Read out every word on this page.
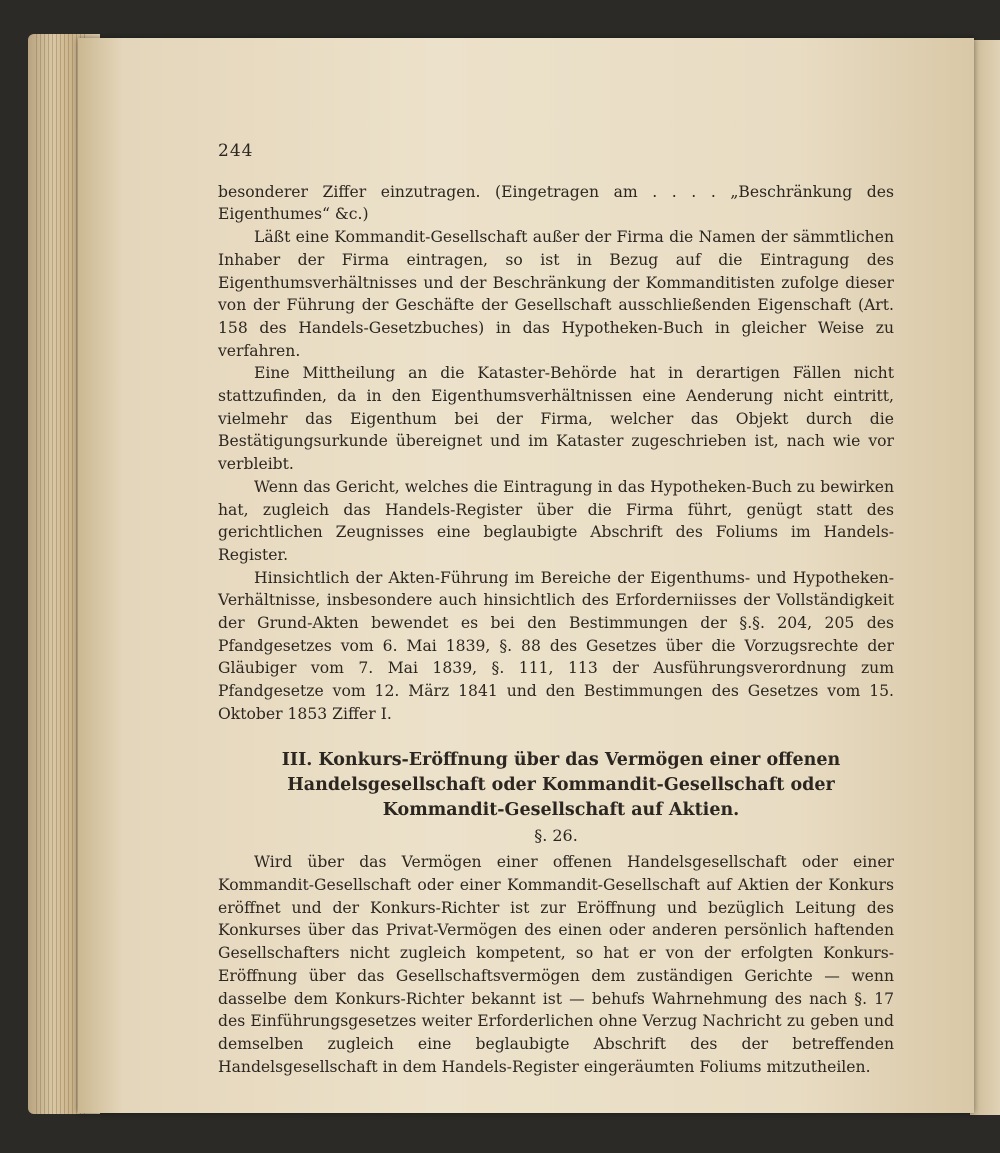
244

besonderer Ziffer einzutragen. (Eingetragen am . . . . „Beschränkung des Eigenthumes“ &c.)

Läßt eine Kommandit-Gesellschaft außer der Firma die Namen der sämmtlichen Inhaber der Firma eintragen, so ist in Bezug auf die Eintragung des Eigenthumsverhältnisses und der Beschränkung der Kommanditisten zufolge dieser von der Führung der Geschäfte der Gesellschaft ausschließenden Eigenschaft (Art. 158 des Handels-Gesetzbuches) in das Hypotheken-Buch in gleicher Weise zu verfahren.

Eine Mittheilung an die Kataster-Behörde hat in derartigen Fällen nicht stattzufinden, da in den Eigenthumsverhältnissen eine Aenderung nicht eintritt, vielmehr das Eigenthum bei der Firma, welcher das Objekt durch die Bestätigungsurkunde übereignet und im Kataster zugeschrieben ist, nach wie vor verbleibt.

Wenn das Gericht, welches die Eintragung in das Hypotheken-Buch zu bewirken hat, zugleich das Handels-Register über die Firma führt, genügt statt des gerichtlichen Zeugnisses eine beglaubigte Abschrift des Foliums im Handels-Register.

Hinsichtlich der Akten-Führung im Bereiche der Eigenthums- und Hypotheken-Verhältnisse, insbesondere auch hinsichtlich des Erforderniisses der Vollständigkeit der Grund-Akten bewendet es bei den Bestimmungen der §.§. 204, 205 des Pfandgesetzes vom 6. Mai 1839, §. 88 des Gesetzes über die Vorzugsrechte der Gläubiger vom 7. Mai 1839, §. 111, 113 der Ausführungsverordnung zum Pfandgesetze vom 12. März 1841 und den Bestimmungen des Gesetzes vom 15. Oktober 1853 Ziffer I.

III. Konkurs-Eröffnung über das Vermögen einer offenen Handelsgesellschaft oder Kommandit-Gesellschaft oder Kommandit-Gesellschaft auf Aktien.
§. 26.

Wird über das Vermögen einer offenen Handelsgesellschaft oder einer Kommandit-Gesellschaft oder einer Kommandit-Gesellschaft auf Aktien der Konkurs eröffnet und der Konkurs-Richter ist zur Eröffnung und bezüglich Leitung des Konkurses über das Privat-Vermögen des einen oder anderen persönlich haftenden Gesellschafters nicht zugleich kompetent, so hat er von der erfolgten Konkurs-Eröffnung über das Gesellschaftsvermögen dem zuständigen Gerichte — wenn dasselbe dem Konkurs-Richter bekannt ist — behufs Wahrnehmung des nach §. 17 des Einführungsgesetzes weiter Erforderlichen ohne Verzug Nachricht zu geben und demselben zugleich eine beglaubigte Abschrift des der betreffenden Handelsgesellschaft in dem Handels-Register eingeräumten Foliums mitzutheilen.
